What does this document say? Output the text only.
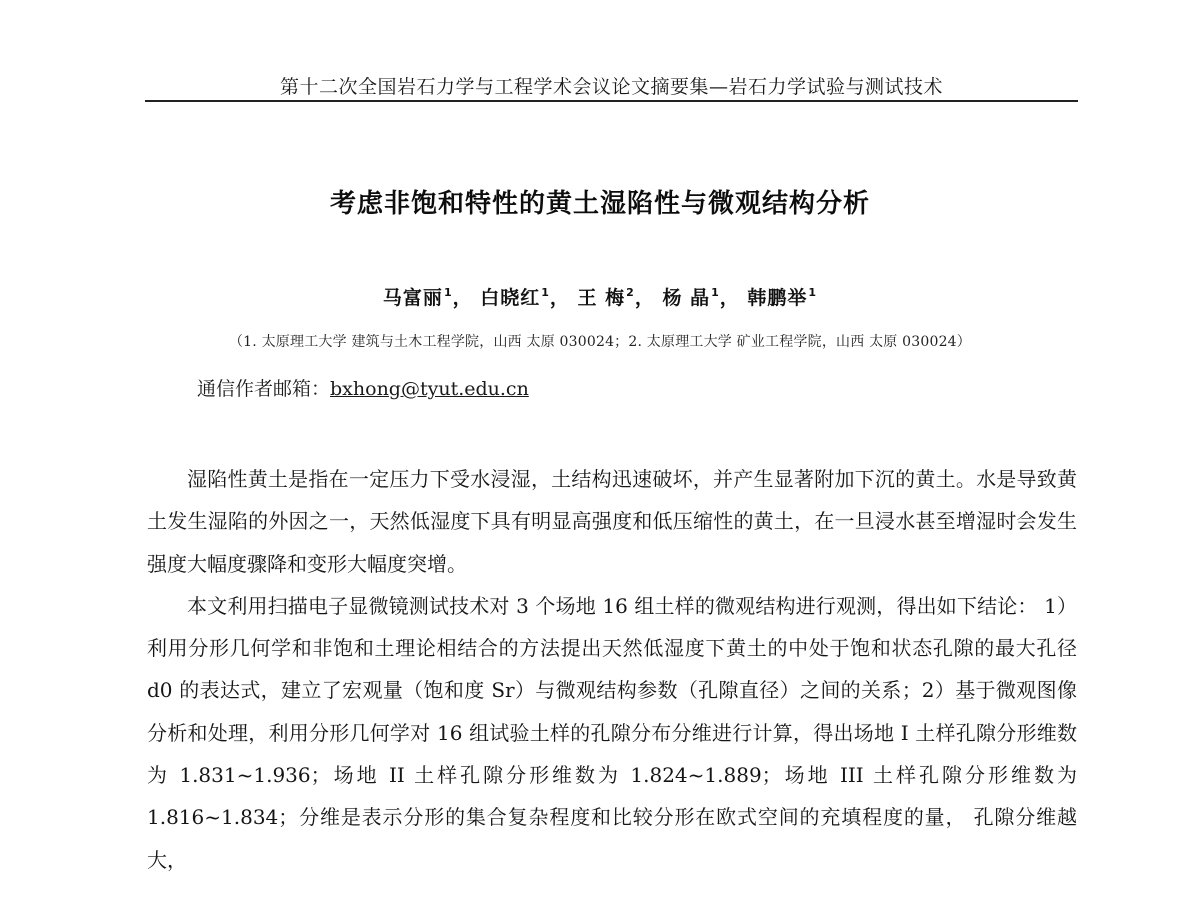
第十二次全国岩石力学与工程学术会议论文摘要集—岩石力学试验与测试技术
考虑非饱和特性的黄土湿陷性与微观结构分析
马富丽$^1$， 白晓红$^1$， 王 梅$^2$， 杨 晶$^1$， 韩鹏举$^1$
（1. 太原理工大学 建筑与土木工程学院，山西 太原 030024；2. 太原理工大学 矿业工程学院，山西 太原 030024）
通信作者邮箱：bxhong@tyut.edu.cn

湿陷性黄土是指在一定压力下受水浸湿，土结构迅速破坏，并产生显著附加下沉的黄土。水是导致黄土发生湿陷的外因之一，天然低湿度下具有明显高强度和低压缩性的黄土，在一旦浸水甚至增湿时会发生强度大幅度骤降和变形大幅度突增。

本文利用扫描电子显微镜测试技术对 3 个场地 16 组土样的微观结构进行观测，得出如下结论： 1）利用分形几何学和非饱和土理论相结合的方法提出天然低湿度下黄土的中处于饱和状态孔隙的最大孔径 d0 的表达式，建立了宏观量（饱和度 Sr）与微观结构参数（孔隙直径）之间的关系；2）基于微观图像分析和处理，利用分形几何学对 16 组试验土样的孔隙分布分维进行计算，得出场地 I 土样孔隙分形维数为 1.831~1.936；场地 II 土样孔隙分形维数为 1.824~1.889；场地 III 土样孔隙分形维数为 1.816~1.834；分维是表示分形的集合复杂程度和比较分形在欧式空间的充填程度的量， 孔隙分维越大，
